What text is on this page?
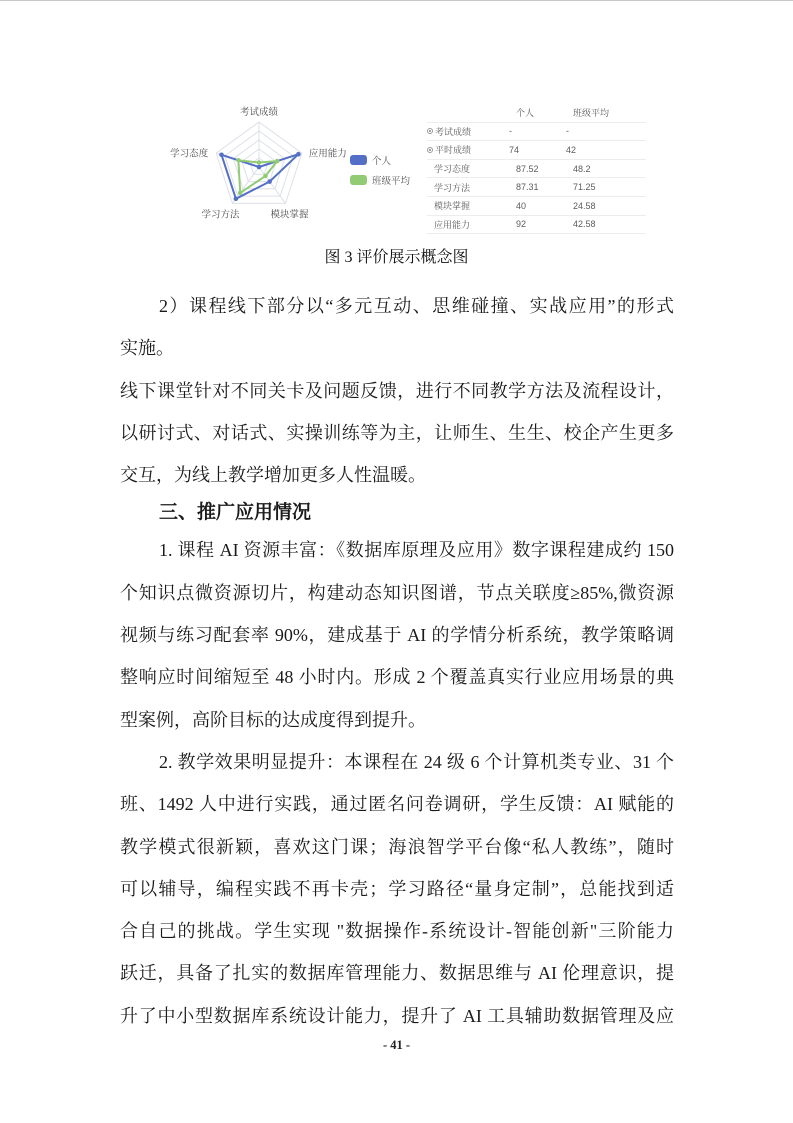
考试成绩
应用能力
模块掌握
学习方法
学习态度
个人
班级平均
个人	班级平均
考试成绩	-	-
平时成绩	74	42
学习态度	87.52	48.2
学习方法	87.31	71.25
模块掌握	40	24.58
应用能力	92	42.58
图 3 评价展示概念图
2）课程线下部分以“多元互动、思维碰撞、实战应用”的形式
实施。
线下课堂针对不同关卡及问题反馈，进行不同教学方法及流程设计，
以研讨式、对话式、实操训练等为主，让师生、生生、校企产生更多
交互，为线上教学增加更多人性温暖。
三、推广应用情况
1. 课程 AI 资源丰富：《数据库原理及应用》数字课程建成约 150
个知识点微资源切片，构建动态知识图谱，节点关联度≥85%,微资源
视频与练习配套率 90%，建成基于 AI 的学情分析系统，教学策略调
整响应时间缩短至 48 小时内。形成 2 个覆盖真实行业应用场景的典
型案例，高阶目标的达成度得到提升。
2. 教学效果明显提升：本课程在 24 级 6 个计算机类专业、31 个
班、1492 人中进行实践，通过匿名问卷调研，学生反馈：AI 赋能的
教学模式很新颖，喜欢这门课；海浪智学平台像“私人教练”，随时
可以辅导，编程实践不再卡壳；学习路径“量身定制”，总能找到适
合自己的挑战。学生实现 "数据操作-系统设计-智能创新"三阶能力
跃迁，具备了扎实的数据库管理能力、数据思维与 AI 伦理意识，提
升了中小型数据库系统设计能力，提升了 AI 工具辅助数据管理及应
- 41 -
